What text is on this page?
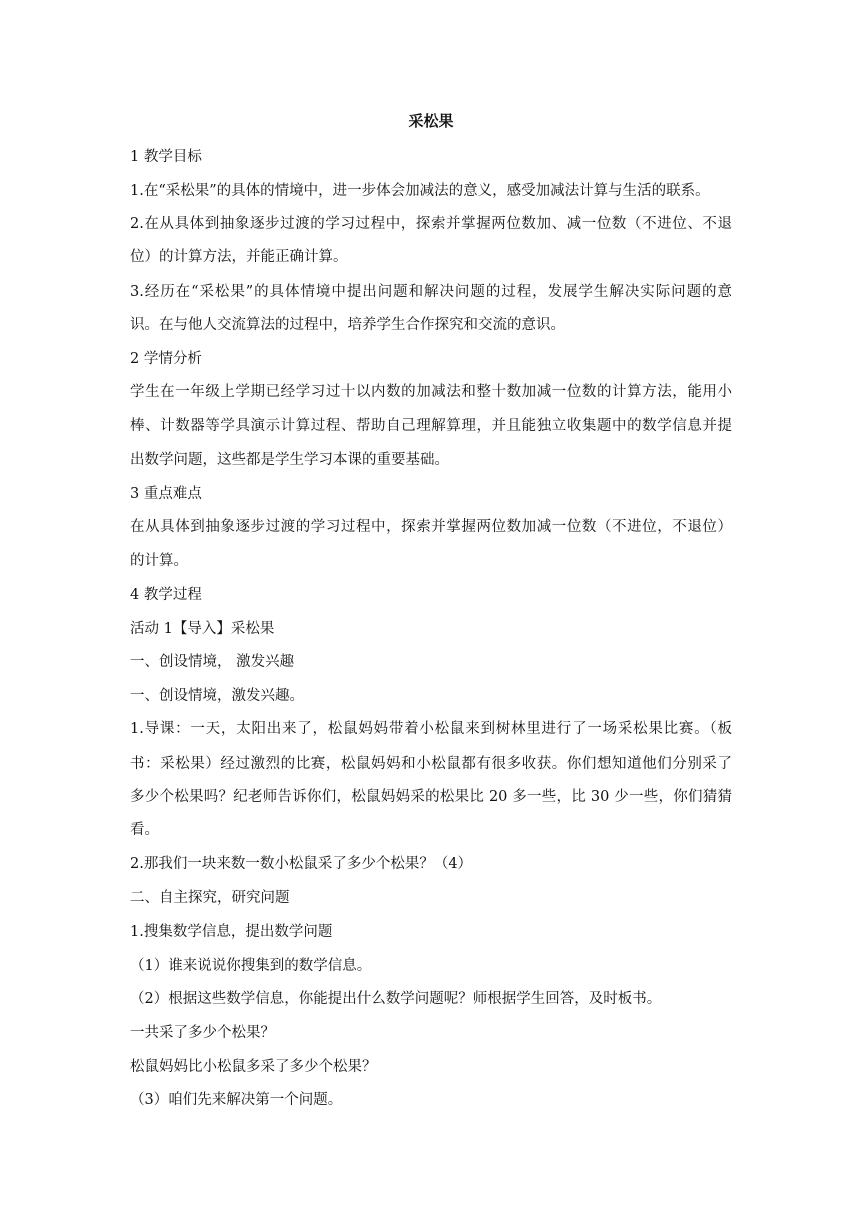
采松果
1 教学目标
1.在“采松果”的具体的情境中，进一步体会加减法的意义，感受加减法计算与生活的联系。
2.在从具体到抽象逐步过渡的学习过程中，探索并掌握两位数加、减一位数（不进位、不退
位）的计算方法，并能正确计算。
3.经历在“采松果”的具体情境中提出问题和解决问题的过程，发展学生解决实际问题的意
识。在与他人交流算法的过程中，培养学生合作探究和交流的意识。
2 学情分析
学生在一年级上学期已经学习过十以内数的加减法和整十数加减一位数的计算方法，能用小
棒、计数器等学具演示计算过程、帮助自己理解算理，并且能独立收集题中的数学信息并提
出数学问题，这些都是学生学习本课的重要基础。
3 重点难点
在从具体到抽象逐步过渡的学习过程中，探索并掌握两位数加减一位数（不进位，不退位）
的计算。
4 教学过程
活动 1【导入】采松果
一、创设情境， 激发兴趣
一、创设情境，激发兴趣。
1.导课：一天，太阳出来了，松鼠妈妈带着小松鼠来到树林里进行了一场采松果比赛。（板
书：采松果）经过激烈的比赛，松鼠妈妈和小松鼠都有很多收获。你们想知道他们分别采了
多少个松果吗？纪老师告诉你们，松鼠妈妈采的松果比 20 多一些，比 30 少一些，你们猜猜
看。
2.那我们一块来数一数小松鼠采了多少个松果？（4）
二、自主探究，研究问题
1.搜集数学信息，提出数学问题
（1）谁来说说你搜集到的数学信息。
（2）根据这些数学信息，你能提出什么数学问题呢？师根据学生回答，及时板书。
一共采了多少个松果？
松鼠妈妈比小松鼠多采了多少个松果？
（3）咱们先来解决第一个问题。
